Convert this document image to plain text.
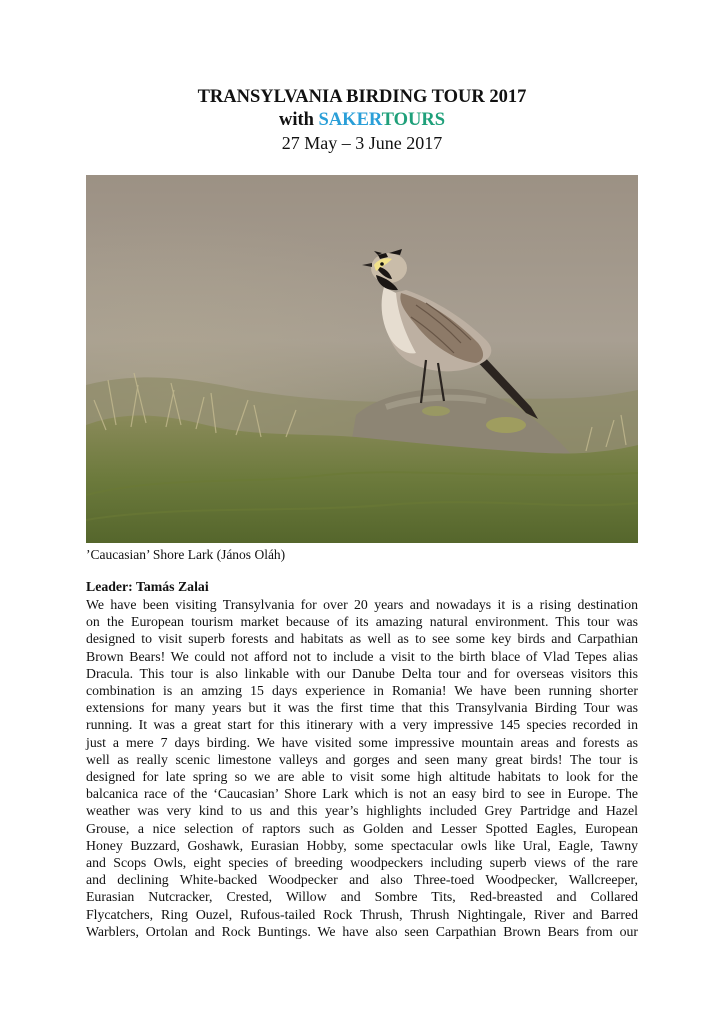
TRANSYLVANIA BIRDING TOUR 2017
with SAKERTOURS
27 May – 3 June 2017
’Caucasian’ Shore Lark (János Oláh)
Leader: Tamás Zalai
We have been visiting Transylvania for over 20 years and nowadays it is a rising destination
on the European tourism market because of its amazing natural environment. This tour was
designed to visit superb forests and habitats as well as to see some key birds and Carpathian
Brown Bears! We could not afford not to include a visit to the birth blace of Vlad Tepes alias
Dracula. This tour is also linkable with our Danube Delta tour and for overseas visitors this
combination is an amzing 15 days experience in Romania! We have been running shorter
extensions for many years but it was the first time that this Transylvania Birding Tour was
running. It was a great start for this itinerary with a very impressive 145 species recorded in
just a mere 7 days birding. We have visited some impressive mountain areas and forests as
well as really scenic limestone valleys and gorges and seen many great birds! The tour is
designed for late spring so we are able to visit some high altitude habitats to look for the
balcanica race of the ‘Caucasian’ Shore Lark which is not an easy bird to see in Europe. The
weather was very kind to us and this year’s highlights included Grey Partridge and Hazel
Grouse, a nice selection of raptors such as Golden and Lesser Spotted Eagles, European
Honey Buzzard, Goshawk, Eurasian Hobby, some spectacular owls like Ural, Eagle, Tawny
and Scops Owls, eight species of breeding woodpeckers including superb views of the rare
and declining White-backed Woodpecker and also Three-toed Woodpecker, Wallcreeper,
Eurasian Nutcracker, Crested, Willow and Sombre Tits, Red-breasted and Collared
Flycatchers, Ring Ouzel, Rufous-tailed Rock Thrush, Thrush Nightingale, River and Barred
Warblers, Ortolan and Rock Buntings. We have also seen Carpathian Brown Bears from our
